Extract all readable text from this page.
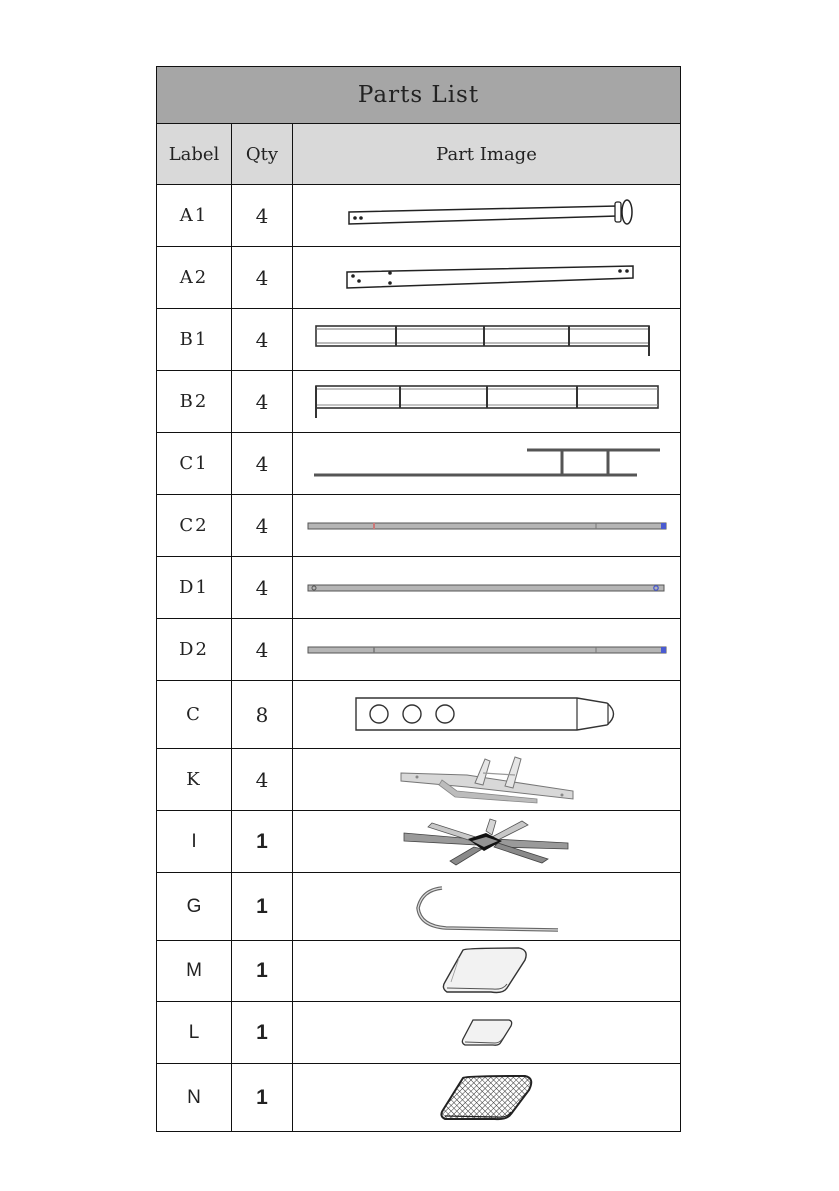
Parts List		
Label	Qty	Part Image
A1	4	

A2	4	

B1	4	

B2	4	

C1	4	

C2	4	

D1	4	

D2	4	

C	8	

K	4	

I	1	

G	1	

M	1	

L	1	

N	1	
